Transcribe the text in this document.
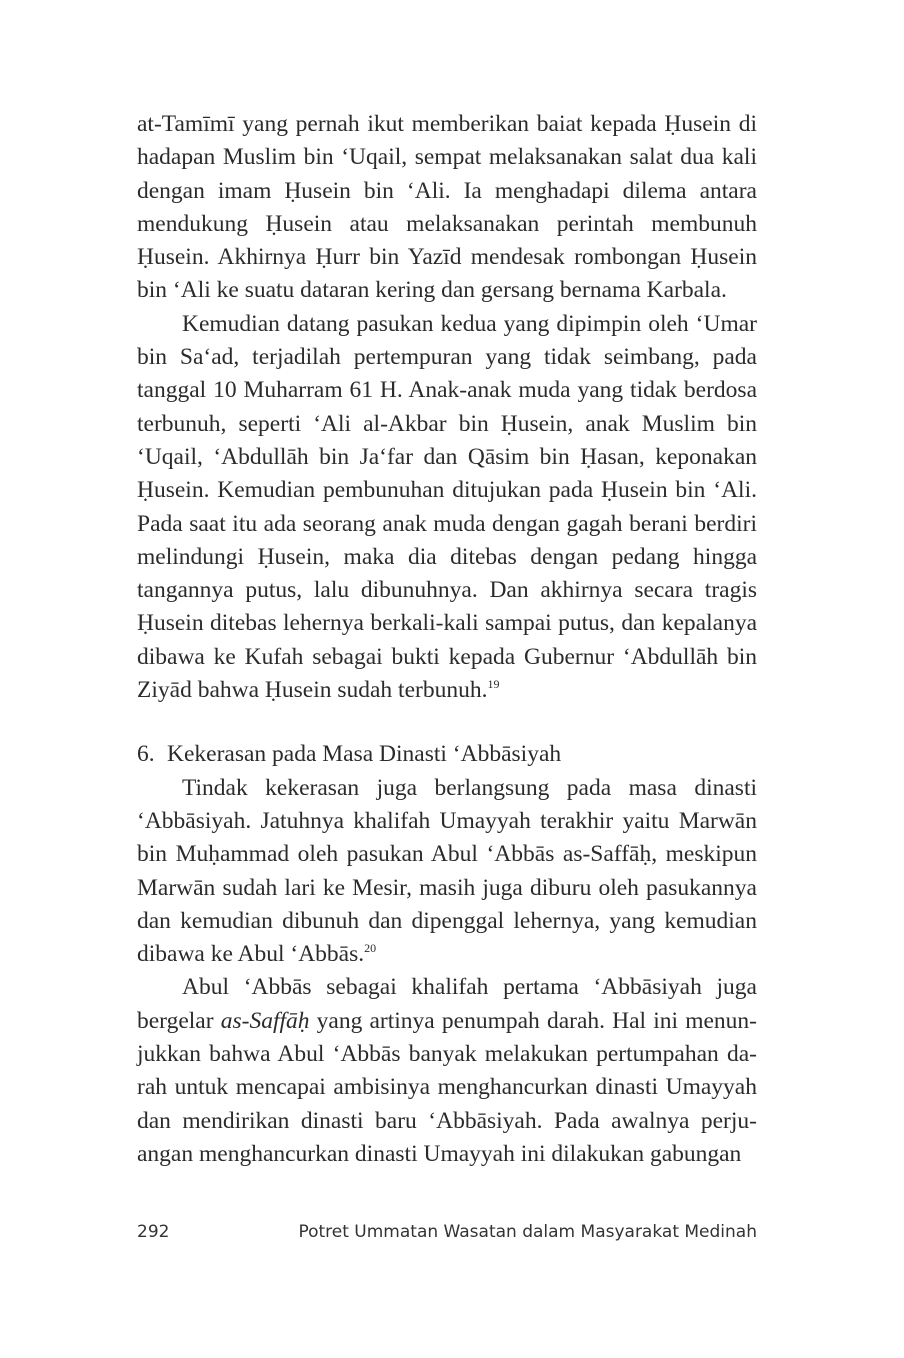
at-Tamīmī yang pernah ikut memberikan baiat kepada Ḥusein di hadapan Muslim bin ‘Uqail, sempat melaksanakan salat dua kali dengan imam Ḥusein bin ‘Ali. Ia menghadapi dilema antara mendukung Ḥusein atau melaksanakan perintah membunuh Ḥusein. Akhirnya Ḥurr bin Yazīd mendesak rombongan Ḥusein bin ‘Ali ke suatu dataran kering dan gersang bernama Karbala.

Kemudian datang pasukan kedua yang dipimpin oleh ‘Umar bin Sa‘ad, terjadilah pertempuran yang tidak seimbang, pada tanggal 10 Muharram 61 H. Anak-anak muda yang tidak berdosa terbunuh, seperti ‘Ali al-Akbar bin Ḥusein, anak Muslim bin ‘Uqail, ‘Abdullāh bin Ja‘far dan Qāsim bin Ḥasan, keponakan Ḥusein. Kemudian pembunuhan ditujukan pada Ḥusein bin ‘Ali. Pada saat itu ada seorang anak muda dengan gagah berani berdiri melindungi Ḥusein, maka dia ditebas dengan pedang hingga tangannya putus, lalu dibunuhnya. Dan akhirnya secara tragis Ḥusein ditebas lehernya berkali-kali sampai putus, dan kepalanya dibawa ke Kufah sebagai bukti kepada Gubernur ‘Abdullāh bin Ziyād bahwa Ḥusein sudah terbunuh.$^{19}$

6. Kekerasan pada Masa Dinasti ‘Abbāsiyah

Tindak kekerasan juga berlangsung pada masa dinasti ‘Abbāsiyah. Jatuhnya khalifah Umayyah terakhir yaitu Marwān bin Muḥammad oleh pasukan Abul ‘Abbās as-Saffāḥ, meskipun Marwān sudah lari ke Mesir, masih juga diburu oleh pasukannya dan kemudian dibunuh dan dipenggal lehernya, yang kemudian dibawa ke Abul ‘Abbās.$^{20}$

Abul ‘Abbās sebagai khalifah pertama ‘Abbāsiyah juga bergelar as-Saffāḥ yang artinya penumpah darah. Hal ini menunjukkan bahwa Abul ‘Abbās banyak melakukan pertumpahan darah untuk mencapai ambisinya menghancurkan dinasti Umayyah dan mendirikan dinasti baru ‘Abbāsiyah. Pada awalnya perjuangan menghancurkan dinasti Umayyah ini dilakukan gabungan

292	Potret Ummatan Wasatan dalam Masyarakat Medinah
